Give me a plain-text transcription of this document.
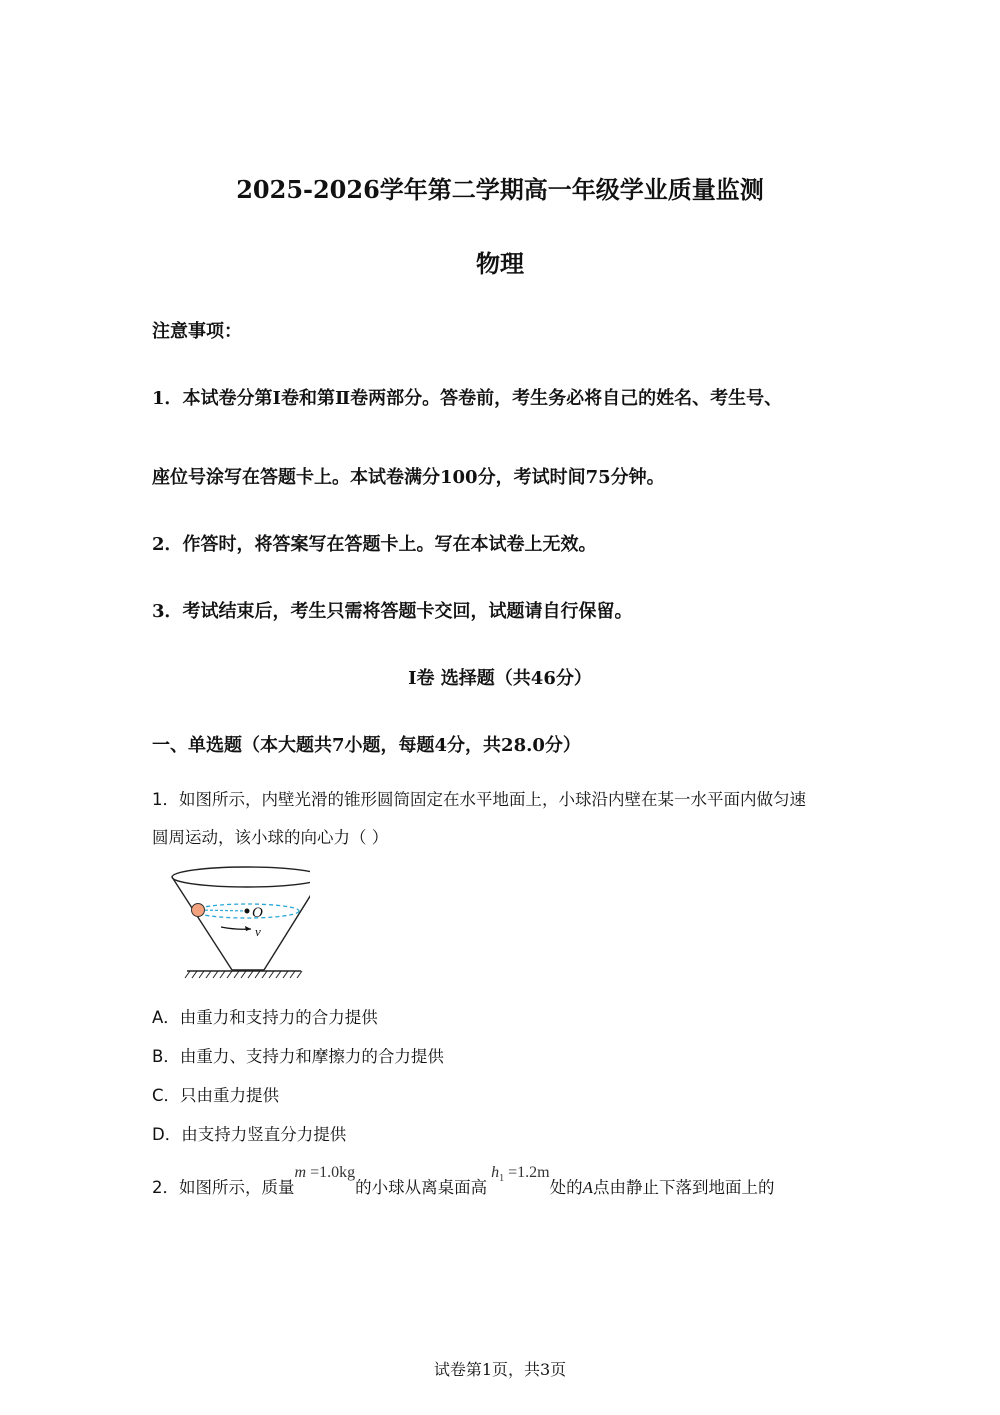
2025-2026学年第二学期高一年级学业质量监测
物理
注意事项：
1．本试卷分第Ⅰ卷和第Ⅱ卷两部分。答卷前，考生务必将自己的姓名、考生号、
座位号涂写在答题卡上。本试卷满分100分，考试时间75分钟。
2．作答时，将答案写在答题卡上。写在本试卷上无效。
3．考试结束后，考生只需将答题卡交回，试题请自行保留。
Ⅰ卷 选择题（共46分）
一、单选题（本大题共7小题，每题4分，共28.0分）
1．如图所示，内壁光滑的锥形圆筒固定在水平地面上，小球沿内壁在某一水平面内做匀速
圆周运动，该小球的向心力（ ）
O
v
A．由重力和支持力的合力提供
B．由重力、支持力和摩擦力的合力提供
C．只由重力提供
D．由支持力竖直分力提供
2．如图所示，质量m =1.0kg的小球从离桌面高$h_1 =1.2m$处的A点由静止下落到地面上的
试卷第1页，共3页
